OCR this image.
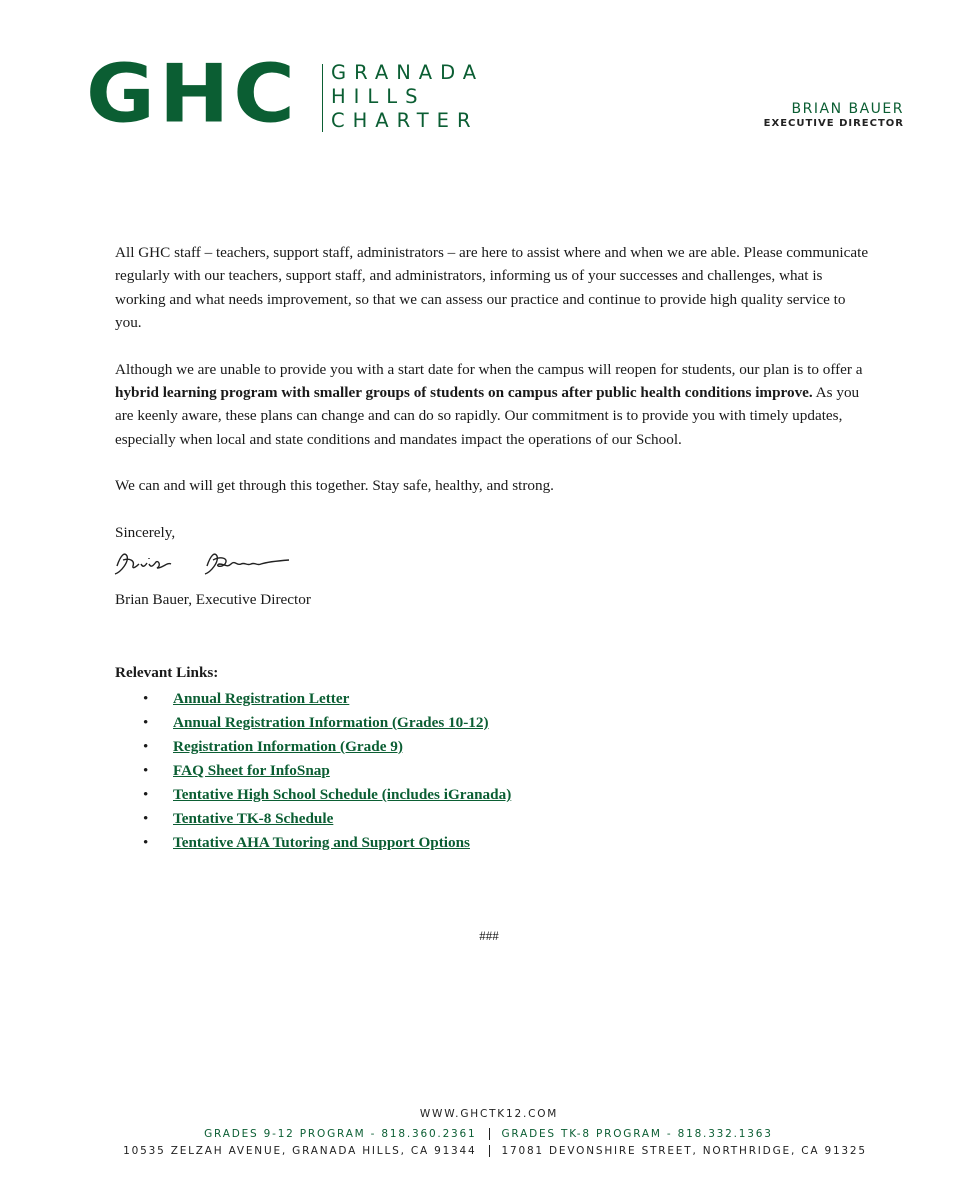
GHC GRANADA
HILLS
CHARTER	BRIAN BAUER
EXECUTIVE DIRECTOR

All GHC staff – teachers, support staff, administrators – are here to assist where and when we are able. Please communicate regularly with our teachers, support staff, and administrators, informing us of your successes and challenges, what is working and what needs improvement, so that we can assess our practice and continue to provide high quality service to you.

Although we are unable to provide you with a start date for when the campus will reopen for students, our plan is to offer a hybrid learning program with smaller groups of students on campus after public health conditions improve. As you are keenly aware, these plans can change and can do so rapidly. Our commitment is to provide you with timely updates, especially when local and state conditions and mandates impact the operations of our School.

We can and will get through this together. Stay safe, healthy, and strong.

Sincerely,

Brian Bauer, Executive Director

Relevant Links:
• Annual Registration Letter
• Annual Registration Information (Grades 10-12)
• Registration Information (Grade 9)
• FAQ Sheet for InfoSnap
• Tentative High School Schedule (includes iGranada)
• Tentative TK-8 Schedule
• Tentative AHA Tutoring and Support Options
###
WWW.GHCTK12.COM
GRADES 9-12 PROGRAM - 818.360.2361	GRADES TK-8 PROGRAM - 818.332.1363
10535 ZELZAH AVENUE, GRANADA HILLS, CA 91344	17081 DEVONSHIRE STREET, NORTHRIDGE, CA 91325
